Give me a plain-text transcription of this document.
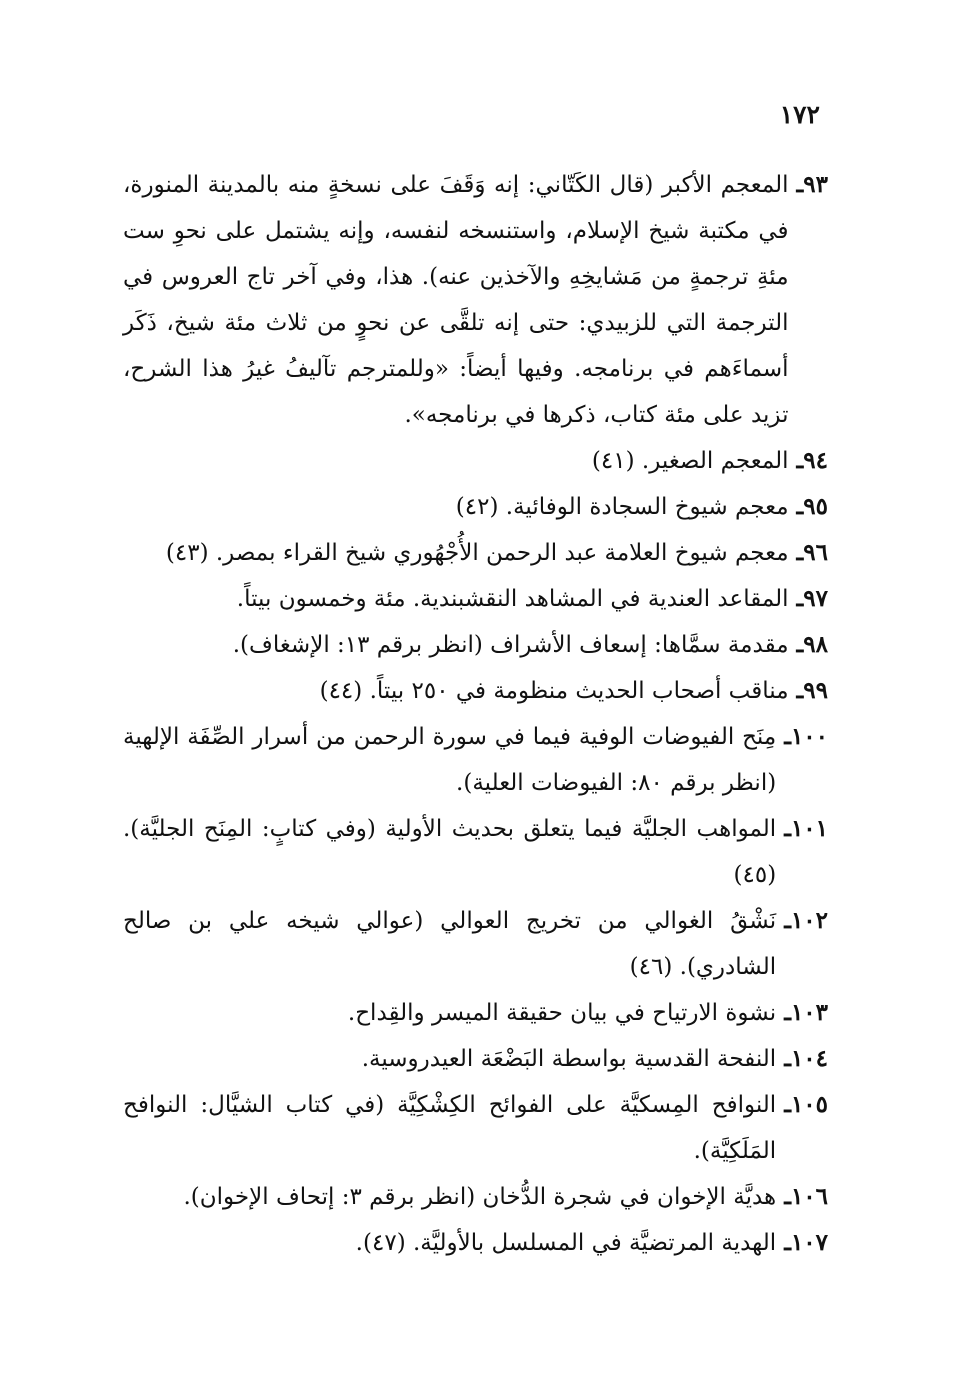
١٧٢
٩٣ـ
المعجم الأكبر (قال الكَتّاني: إنه وَقَفَ على نسخةٍ منه بالمدينة المنورة، في مكتبة شيخ الإسلام، واستنسخه لنفسه، وإنه يشتمل على نحوِ ست مئةِ ترجمةٍ من مَشايخِهِ والآخذين عنه). هذا، وفي آخر تاج العروس في الترجمة التي للزبيدي: حتى إنه تلقَّى عن نحوٍ من ثلاث مئة شيخ، ذَكَر أسماءَهم في برنامجه. وفيها أيضاً: «وللمترجم تآليفُ غيرُ هذا الشرح، تزيد على مئة كتاب، ذكرها في برنامجه».
٩٤ـ
المعجم الصغير. (٤١)
٩٥ـ
معجم شيوخ السجادة الوفائية. (٤٢)
٩٦ـ
معجم شيوخ العلامة عبد الرحمن الأُجْهُوري شيخ القراء بمصر. (٤٣)
٩٧ـ
المقاعد العندية في المشاهد النقشبندية. مئة وخمسون بيتاً.
٩٨ـ
مقدمة سمَّاها: إسعاف الأشراف (انظر برقم ١٣: الإشغاف).
٩٩ـ
مناقب أصحاب الحديث منظومة في ٢٥٠ بيتاً. (٤٤)
١٠٠ـ
مِنَح الفيوضات الوفية فيما في سورة الرحمن من أسرار الصِّفَة الإلهية (انظر برقم ٨٠: الفيوضات العلية).
١٠١ـ
المواهب الجليَّة فيما يتعلق بحديث الأولية (وفي كتابٍ: المِنَح الجليَّة). (٤٥)
١٠٢ـ
نَشْقُ الغوالي من تخريج العوالي (عوالي شيخه علي بن صالح الشادري). (٤٦)
١٠٣ـ
نشوة الارتياح في بيان حقيقة الميسر والقِداح.
١٠٤ـ
النفحة القدسية بواسطة البَضْعَة العيدروسية.
١٠٥ـ
النوافح المِسكيَّة على الفوائح الكِشْكِيَّة (في كتاب الشيَّال: النوافح المَلَكِيَّة).
١٠٦ـ
هديَّة الإخوان في شجرة الدُّخان (انظر برقم ٣: إتحاف الإخوان).
١٠٧ـ
الهدية المرتضيَّة في المسلسل بالأوليَّة. (٤٧).
